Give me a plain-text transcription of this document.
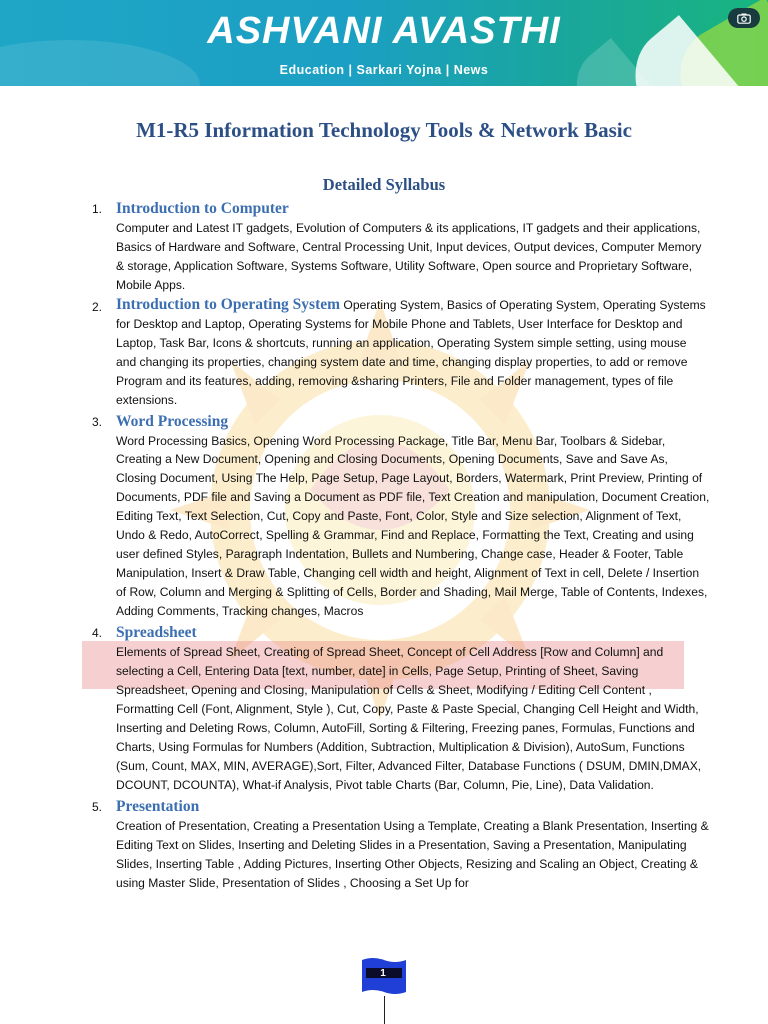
ASHVANI AVASTHI
Education | Sarkari Yojna | News
M1-R5 Information Technology Tools & Network Basic
Detailed Syllabus
1. Introduction to Computer

Computer and Latest IT gadgets, Evolution of Computers & its applications, IT gadgets and their applications, Basics of Hardware and Software, Central Processing Unit, Input devices, Output devices, Computer Memory & storage, Application Software, Systems Software, Utility Software, Open source and Proprietary Software, Mobile Apps.

2. Introduction to Operating System Operating System, Basics of Operating System, Operating Systems for Desktop and Laptop, Operating Systems for Mobile Phone and Tablets, User Interface for Desktop and Laptop, Task Bar, Icons & shortcuts, running an application, Operating System simple setting, using mouse and changing its properties, changing system date and time, changing display properties, to add or remove Program and its features, adding, removing &sharing Printers, File and Folder management, types of file extensions.

3. Word Processing

Word Processing Basics, Opening Word Processing Package, Title Bar, Menu Bar, Toolbars & Sidebar, Creating a New Document, Opening and Closing Documents, Opening Documents, Save and Save As, Closing Document, Using The Help, Page Setup, Page Layout, Borders, Watermark, Print Preview, Printing of Documents, PDF file and Saving a Document as PDF file, Text Creation and manipulation, Document Creation, Editing Text, Text Selection, Cut, Copy and Paste, Font, Color, Style and Size selection, Alignment of Text, Undo & Redo, AutoCorrect, Spelling & Grammar, Find and Replace, Formatting the Text, Creating and using user defined Styles, Paragraph Indentation, Bullets and Numbering, Change case, Header & Footer, Table Manipulation, Insert & Draw Table, Changing cell width and height, Alignment of Text in cell, Delete / Insertion of Row, Column and Merging & Splitting of Cells, Border and Shading, Mail Merge, Table of Contents, Indexes, Adding Comments, Tracking changes, Macros

4. Spreadsheet

Elements of Spread Sheet, Creating of Spread Sheet, Concept of Cell Address [Row and Column] and selecting a Cell, Entering Data [text, number, date] in Cells, Page Setup, Printing of Sheet, Saving Spreadsheet, Opening and Closing, Manipulation of Cells & Sheet, Modifying / Editing Cell Content , Formatting Cell (Font, Alignment, Style ), Cut, Copy, Paste & Paste Special, Changing Cell Height and Width, Inserting and Deleting Rows, Column, AutoFill, Sorting & Filtering, Freezing panes, Formulas, Functions and Charts, Using Formulas for Numbers (Addition, Subtraction, Multiplication & Division), AutoSum, Functions (Sum, Count, MAX, MIN, AVERAGE),Sort, Filter, Advanced Filter, Database Functions ( DSUM, DMIN,DMAX, DCOUNT, DCOUNTA), What-if Analysis, Pivot table Charts (Bar, Column, Pie, Line), Data Validation.

5. Presentation

Creation of Presentation, Creating a Presentation Using a Template, Creating a Blank Presentation, Inserting & Editing Text on Slides, Inserting and Deleting Slides in a Presentation, Saving a Presentation, Manipulating Slides, Inserting Table , Adding Pictures, Inserting Other Objects, Resizing and Scaling an Object, Creating & using Master Slide, Presentation of Slides , Choosing a Set Up for

1
